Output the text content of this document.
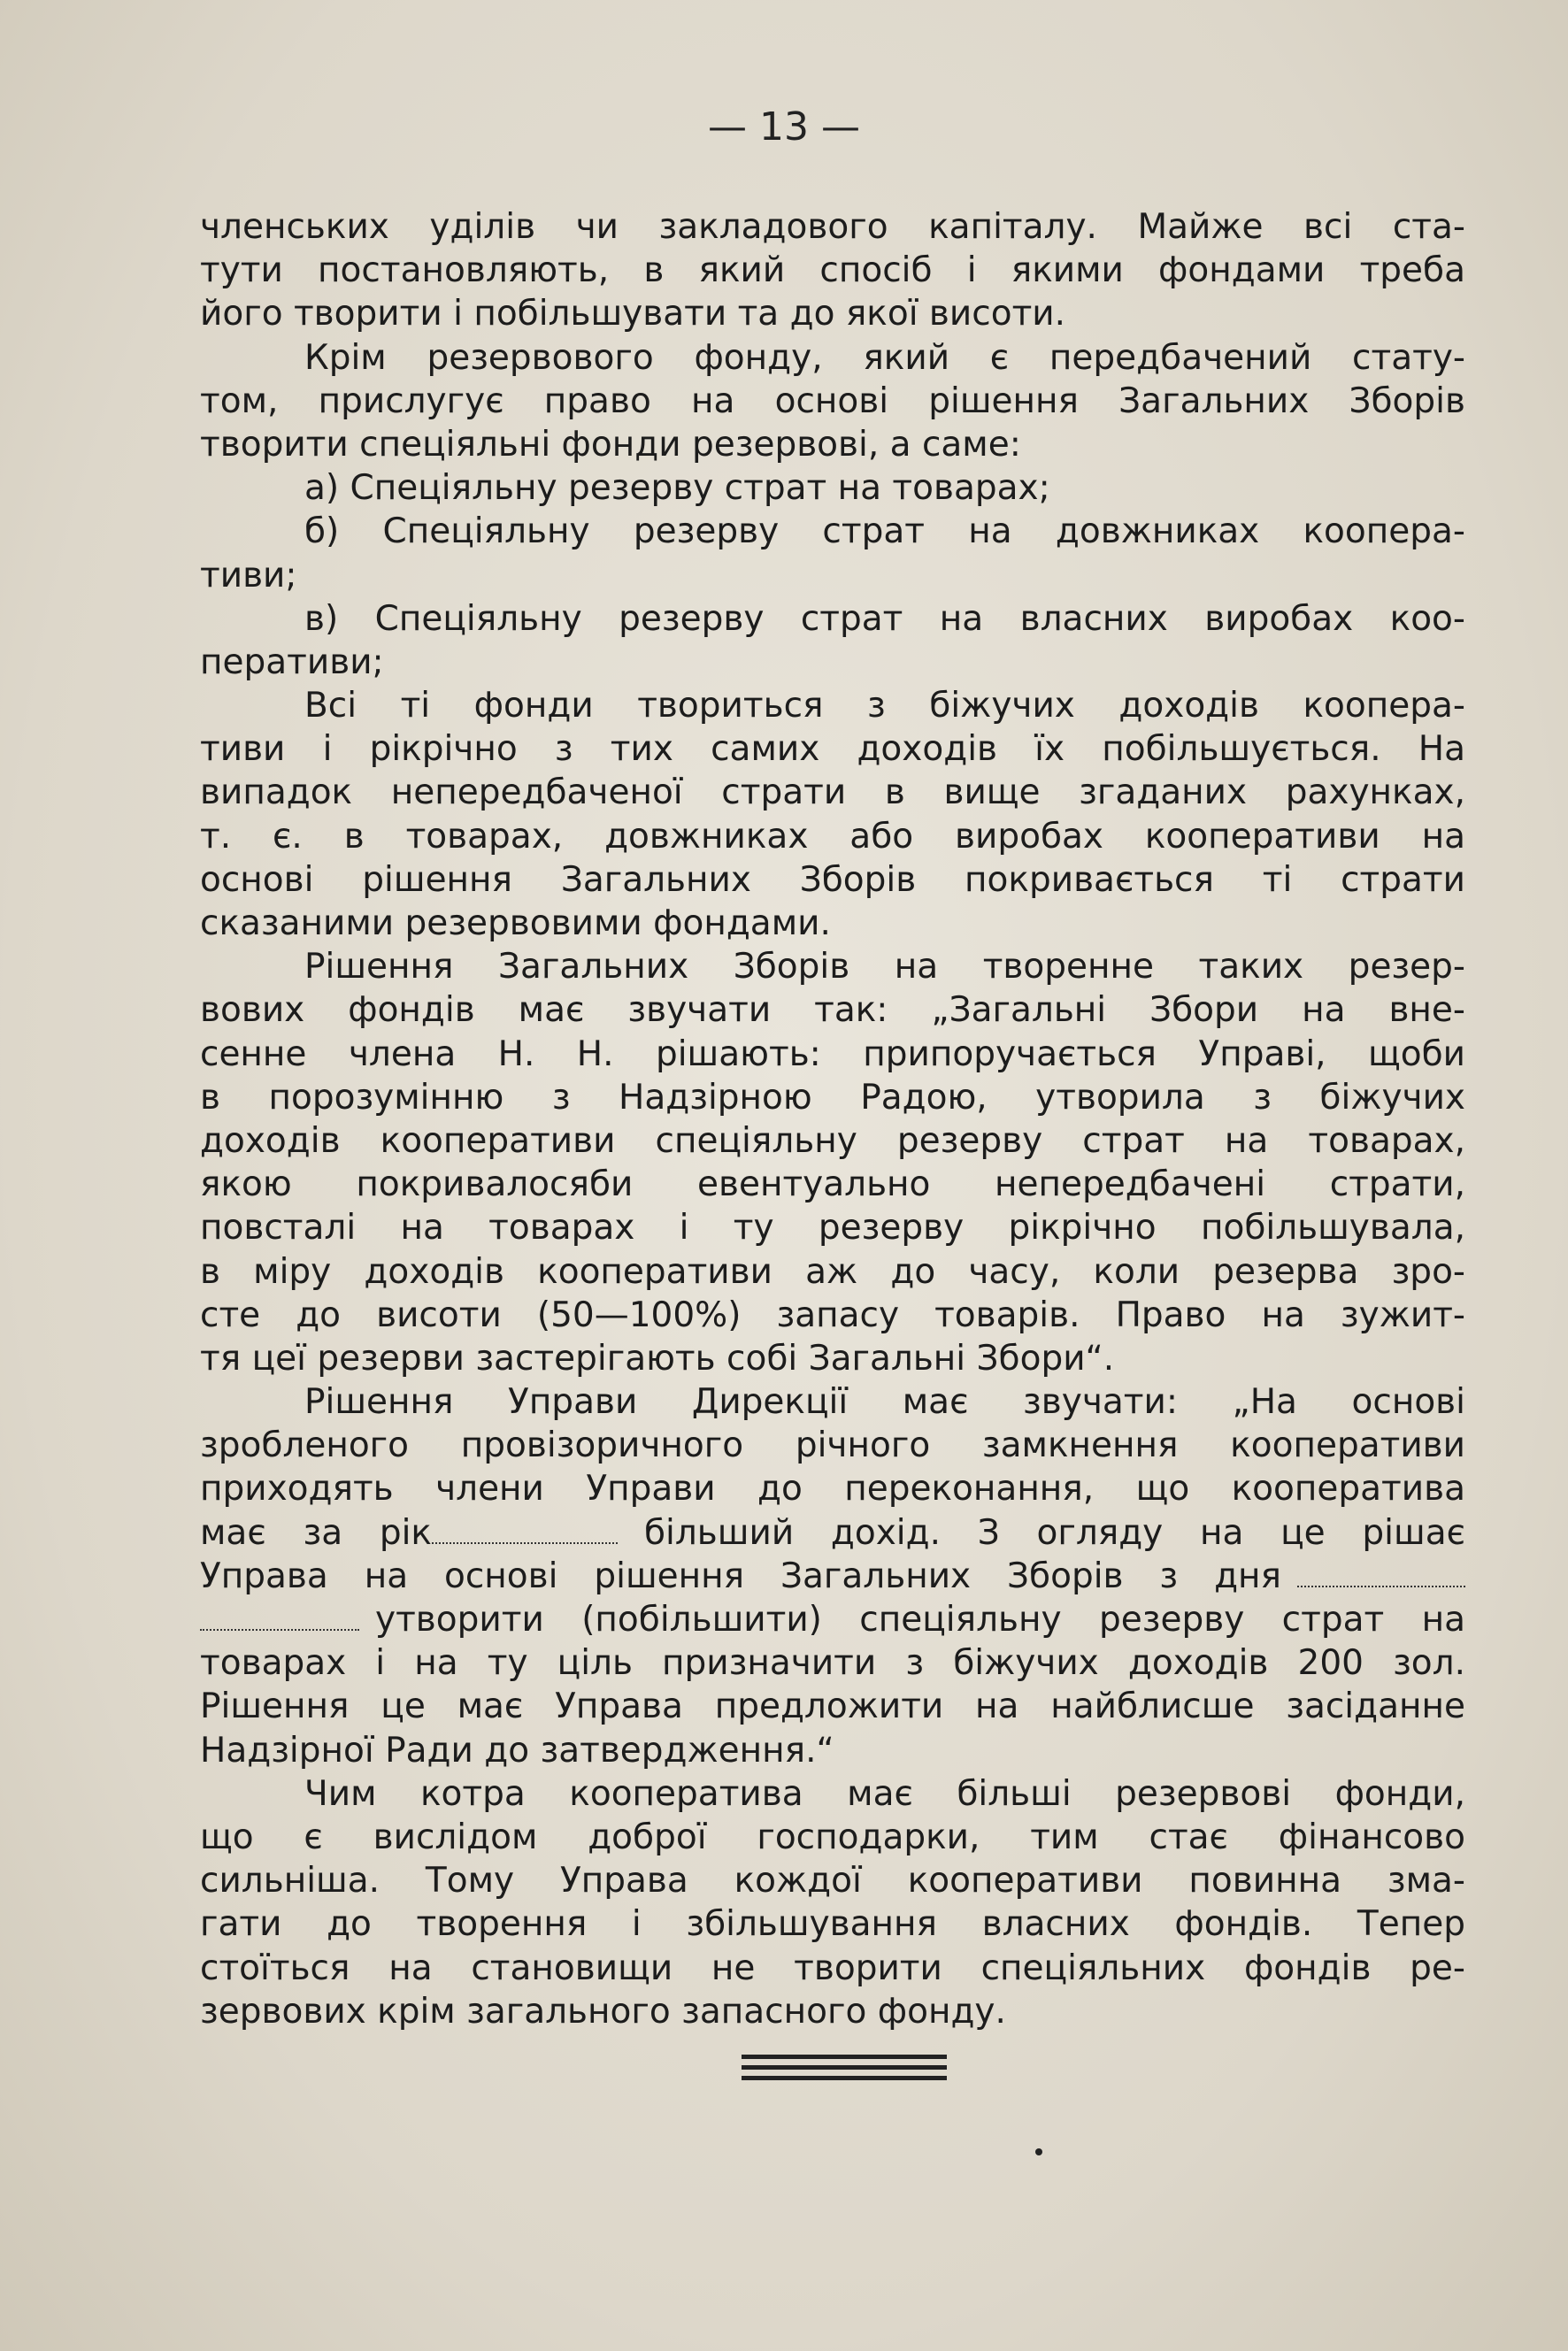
— 13 —
членських уділів чи закладового капіталу. Майже всі ста-
тути постановляють, в який спосіб і якими фондами треба
його творити і побільшувати та до якої висоти.
Крім резервового фонду, який є передбачений стату-
том, прислугує право на основі рішення Загальних Зборів
творити спеціяльні фонди резервові, а саме:
а) Спеціяльну резерву страт на товарах;
б) Спеціяльну резерву страт на довжниках коопера-
тиви;
в) Спеціяльну резерву страт на власних виробах коо-
перативи;
Всі ті фонди твориться з біжучих доходів коопера-
тиви і рікрічно з тих самих доходів їх побільшується. На
випадок непередбаченої страти в вище згаданих рахунках,
т. є. в товарах, довжниках або виробах кооперативи на
основі рішення Загальних Зборів покривається ті страти
сказаними резервовими фондами.
Рішення Загальних Зборів на творенне таких резер-
вових фондів має звучати так: „Загальні Збори на вне-
сенне члена Н. Н. рішають: припоручається Управі, щоби
в порозумінню з Надзірною Радою, утворила з біжучих
доходів кооперативи спеціяльну резерву страт на товарах,
якою покривалосяби евентуально непередбачені страти,
повсталі на товарах і ту резерву рікрічно побільшувала,
в міру доходів кооперативи аж до часу, коли резерва зро-
сте до висоти (50—100%) запасу товарів. Право на зужит-
тя цеї резерви застерігають собі Загальні Збори“.
Рішення Управи Дирекції має звучати: „На основі
зробленого провізоричного річного замкнення кооперативи
приходять члени Управи до переконання, що кооператива
має за рік	більший дохід. З огляду на це рішає
Управа на основі рішення Загальних Зборів з дня
утворити (побільшити) спеціяльну резерву страт на
товарах і на ту ціль призначити з біжучих доходів 200 зол.
Рішення це має Управа предложити на найблисше засіданне
Надзірної Ради до затвердження.“
Чим котра кооператива має більші резервові фонди,
що є вислідом доброї господарки, тим стає фінансово
сильніша. Тому Управа кождої кооперативи повинна зма-
гати до творення і збільшування власних фондів. Тепер
стоїться на становищи не творити спеціяльних фондів ре-
зервових крім загального запасного фонду.
